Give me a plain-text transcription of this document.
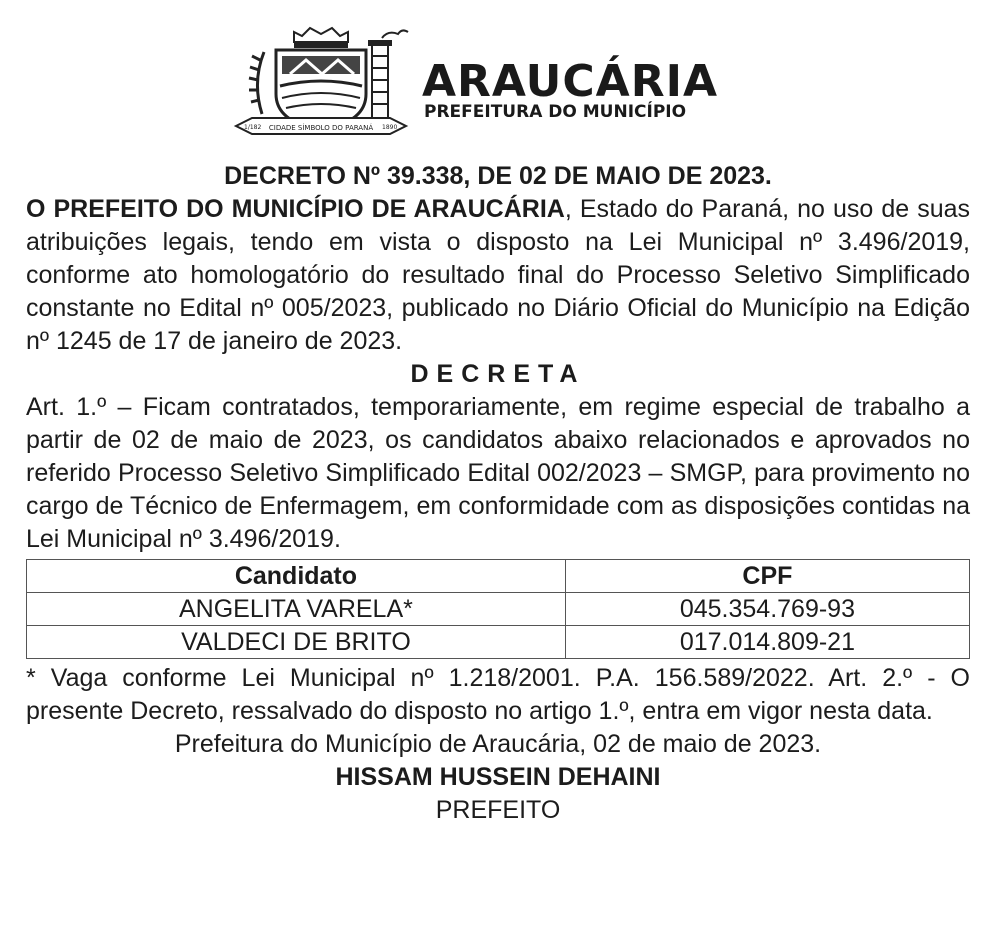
CIDADE SÍMBOLO DO PARANÁ
1/182	1890
ARAUCÁRIA
PREFEITURA DO MUNICÍPIO
DECRETO Nº 39.338, DE 02 DE MAIO DE 2023.

O PREFEITO DO MUNICÍPIO DE ARAUCÁRIA, Estado do Paraná, no uso de suas atribuições legais, tendo em vista o disposto na Lei Municipal nº 3.496/2019, conforme ato homologatório do resultado final do Processo Seletivo Simplificado constante no Edital nº 005/2023, publicado no Diário Oficial do Município na Edição nº 1245 de 17 de janeiro de 2023.

DECRETA

Art. 1.º – Ficam contratados, temporariamente, em regime especial de trabalho a partir de 02 de maio de 2023, os candidatos abaixo relacionados e aprovados no referido Processo Seletivo Simplificado Edital 002/2023 – SMGP, para provimento no cargo de Técnico de Enfermagem, em conformidade com as disposições contidas na Lei Municipal nº 3.496/2019.

Candidato	CPF
ANGELITA VARELA*	045.354.769-93
VALDECI DE BRITO	017.014.809-21

* Vaga conforme Lei Municipal nº 1.218/2001. P.A. 156.589/2022. Art. 2.º - O presente Decreto, ressalvado do disposto no artigo 1.º, entra em vigor nesta data.

Prefeitura do Município de Araucária, 02 de maio de 2023.
HISSAM HUSSEIN DEHAINI
PREFEITO
